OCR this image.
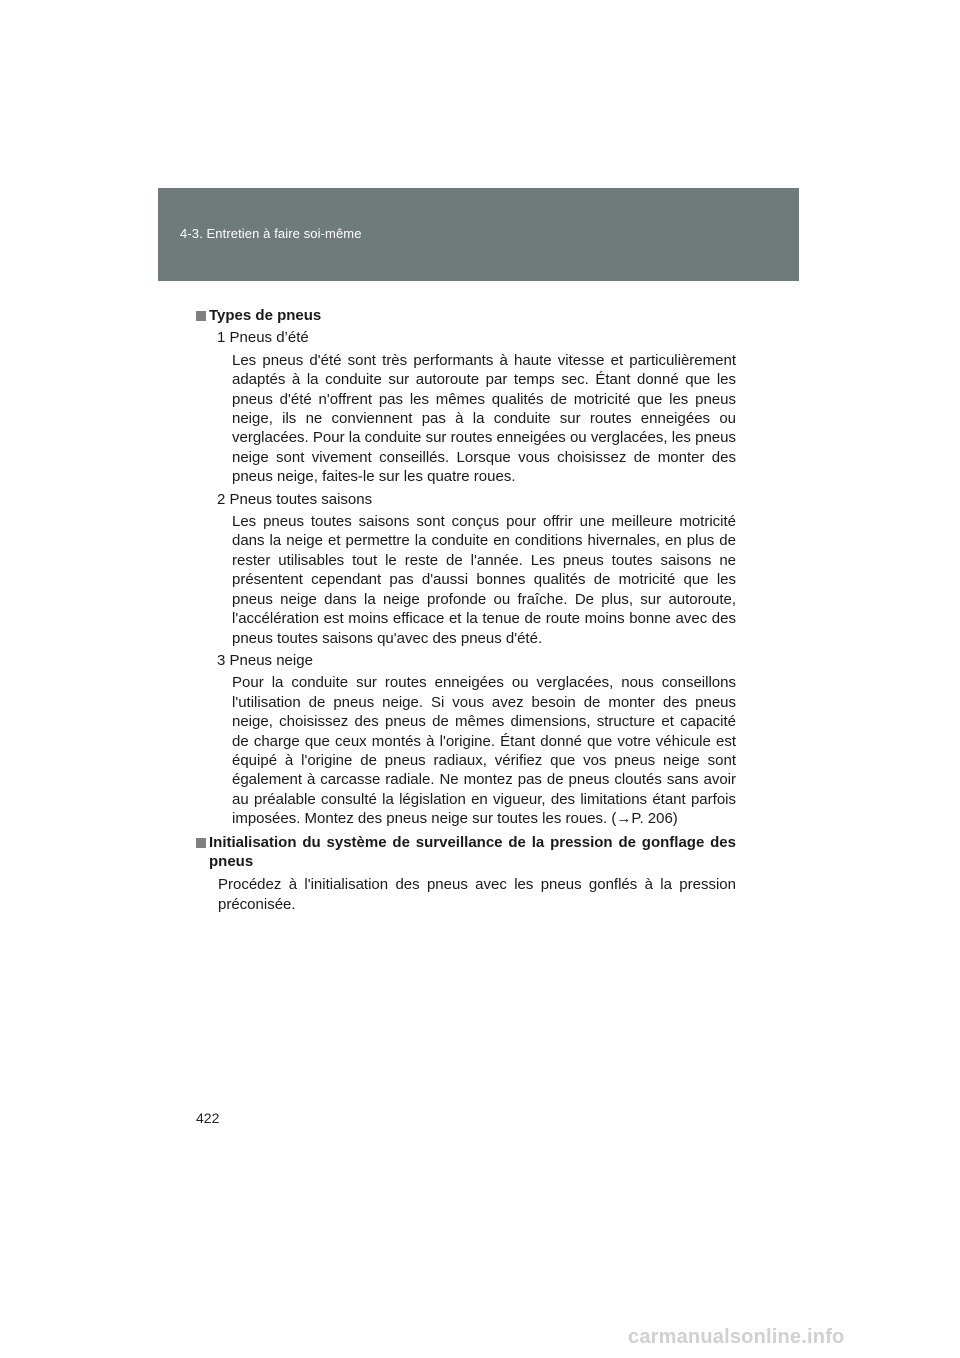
4-3. Entretien à faire soi-même
Types de pneus
1 Pneus d’été
Les pneus d'été sont très performants à haute vitesse et particulièrement adaptés à la conduite sur autoroute par temps sec. Étant donné que les pneus d'été n'offrent pas les mêmes qualités de motricité que les pneus neige, ils ne conviennent pas à la conduite sur routes enneigées ou verglacées. Pour la conduite sur routes enneigées ou verglacées, les pneus neige sont vivement conseillés. Lorsque vous choisissez de monter des pneus neige, faites-le sur les quatre roues.
2 Pneus toutes saisons
Les pneus toutes saisons sont conçus pour offrir une meilleure motricité dans la neige et permettre la conduite en conditions hivernales, en plus de rester utilisables tout le reste de l'année. Les pneus toutes saisons ne présentent cependant pas d'aussi bonnes qualités de motricité que les pneus neige dans la neige profonde ou fraîche. De plus, sur autoroute, l'accélération est moins efficace et la tenue de route moins bonne avec des pneus toutes saisons qu'avec des pneus d'été.
3 Pneus neige
Pour la conduite sur routes enneigées ou verglacées, nous conseillons l'utilisation de pneus neige. Si vous avez besoin de monter des pneus neige, choisissez des pneus de mêmes dimensions, structure et capacité de charge que ceux montés à l'origine. Étant donné que votre véhicule est équipé à l'origine de pneus radiaux, vérifiez que vos pneus neige sont également à carcasse radiale. Ne montez pas de pneus cloutés sans avoir au préalable consulté la législation en vigueur, des limitations étant parfois imposées. Montez des pneus neige sur toutes les roues. (→P. 206)
Initialisation du système de surveillance de la pression de gonflage des pneus
Procédez à l'initialisation des pneus avec les pneus gonflés à la pression préconisée.
422
carmanualsonline.info
